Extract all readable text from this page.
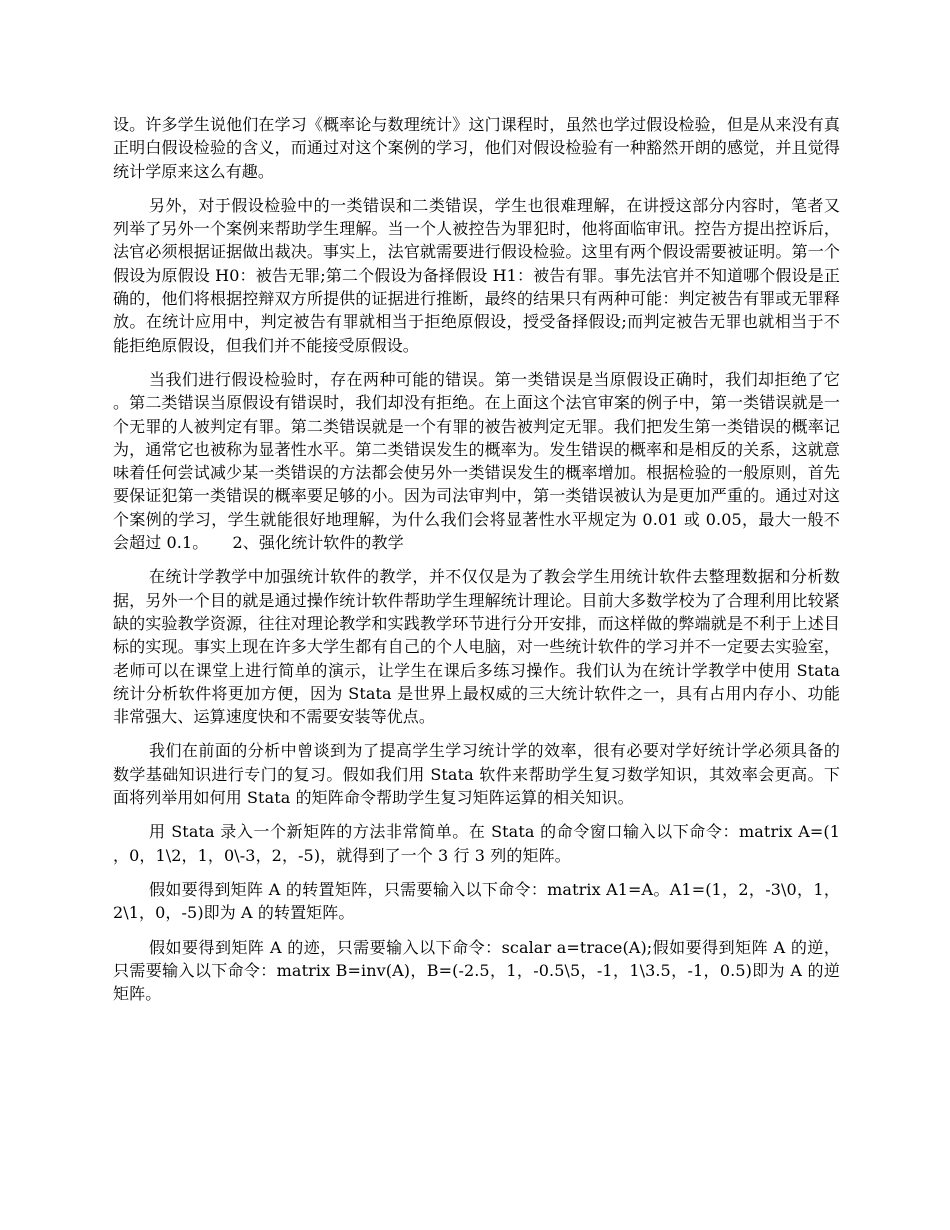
设。许多学生说他们在学习《概率论与数理统计》这门课程时，虽然也学过假设检验，但是从来没有真正明白假设检验的含义，而通过对这个案例的学习，他们对假设检验有一种豁然开朗的感觉，并且觉得统计学原来这么有趣。

另外，对于假设检验中的一类错误和二类错误，学生也很难理解，在讲授这部分内容时，笔者又列举了另外一个案例来帮助学生理解。当一个人被控告为罪犯时，他将面临审讯。控告方提出控诉后，法官必须根据证据做出裁决。事实上，法官就需要进行假设检验。这里有两个假设需要被证明。第一个假设为原假设 H0：被告无罪;第二个假设为备择假设 H1：被告有罪。事先法官并不知道哪个假设是正确的，他们将根据控辩双方所提供的证据进行推断，最终的结果只有两种可能：判定被告有罪或无罪释放。在统计应用中，判定被告有罪就相当于拒绝原假设，授受备择假设;而判定被告无罪也就相当于不能拒绝原假设，但我们并不能接受原假设。

当我们进行假设检验时，存在两种可能的错误。第一类错误是当原假设正确时，我们却拒绝了它。第二类错误当原假设有错误时，我们却没有拒绝。在上面这个法官审案的例子中，第一类错误就是一个无罪的人被判定有罪。第二类错误就是一个有罪的被告被判定无罪。我们把发生第一类错误的概率记为，通常它也被称为显著性水平。第二类错误发生的概率为。发生错误的概率和是相反的关系，这就意味着任何尝试减少某一类错误的方法都会使另外一类错误发生的概率增加。根据检验的一般原则，首先要保证犯第一类错误的概率要足够的小。因为司法审判中，第一类错误被认为是更加严重的。通过对这个案例的学习，学生就能很好地理解，为什么我们会将显著性水平规定为 0.01 或 0.05，最大一般不会超过 0.1。　　2、强化统计软件的教学

在统计学教学中加强统计软件的教学，并不仅仅是为了教会学生用统计软件去整理数据和分析数据，另外一个目的就是通过操作统计软件帮助学生理解统计理论。目前大多数学校为了合理利用比较紧缺的实验教学资源，往往对理论教学和实践教学环节进行分开安排，而这样做的弊端就是不利于上述目标的实现。事实上现在许多大学生都有自己的个人电脑，对一些统计软件的学习并不一定要去实验室，老师可以在课堂上进行简单的演示，让学生在课后多练习操作。我们认为在统计学教学中使用 Stata 统计分析软件将更加方便，因为 Stata 是世界上最权威的三大统计软件之一，具有占用内存小、功能非常强大、运算速度快和不需要安装等优点。

我们在前面的分析中曾谈到为了提高学生学习统计学的效率，很有必要对学好统计学必须具备的数学基础知识进行专门的复习。假如我们用 Stata 软件来帮助学生复习数学知识，其效率会更高。下面将列举用如何用 Stata 的矩阵命令帮助学生复习矩阵运算的相关知识。

用 Stata 录入一个新矩阵的方法非常简单。在 Stata 的命令窗口输入以下命令：matrix A=(1，0，1\2，1，0\-3，2，-5)，就得到了一个 3 行 3 列的矩阵。

假如要得到矩阵 A 的转置矩阵，只需要输入以下命令：matrix A1=A。A1=(1，2，-3\0，1，2\1，0，-5)即为 A 的转置矩阵。

假如要得到矩阵 A 的迹，只需要输入以下命令：scalar a=trace(A);假如要得到矩阵 A 的逆，只需要输入以下命令：matrix B=inv(A)，B=(-2.5，1，-0.5\5，-1，1\3.5，-1，0.5)即为 A 的逆矩阵。
